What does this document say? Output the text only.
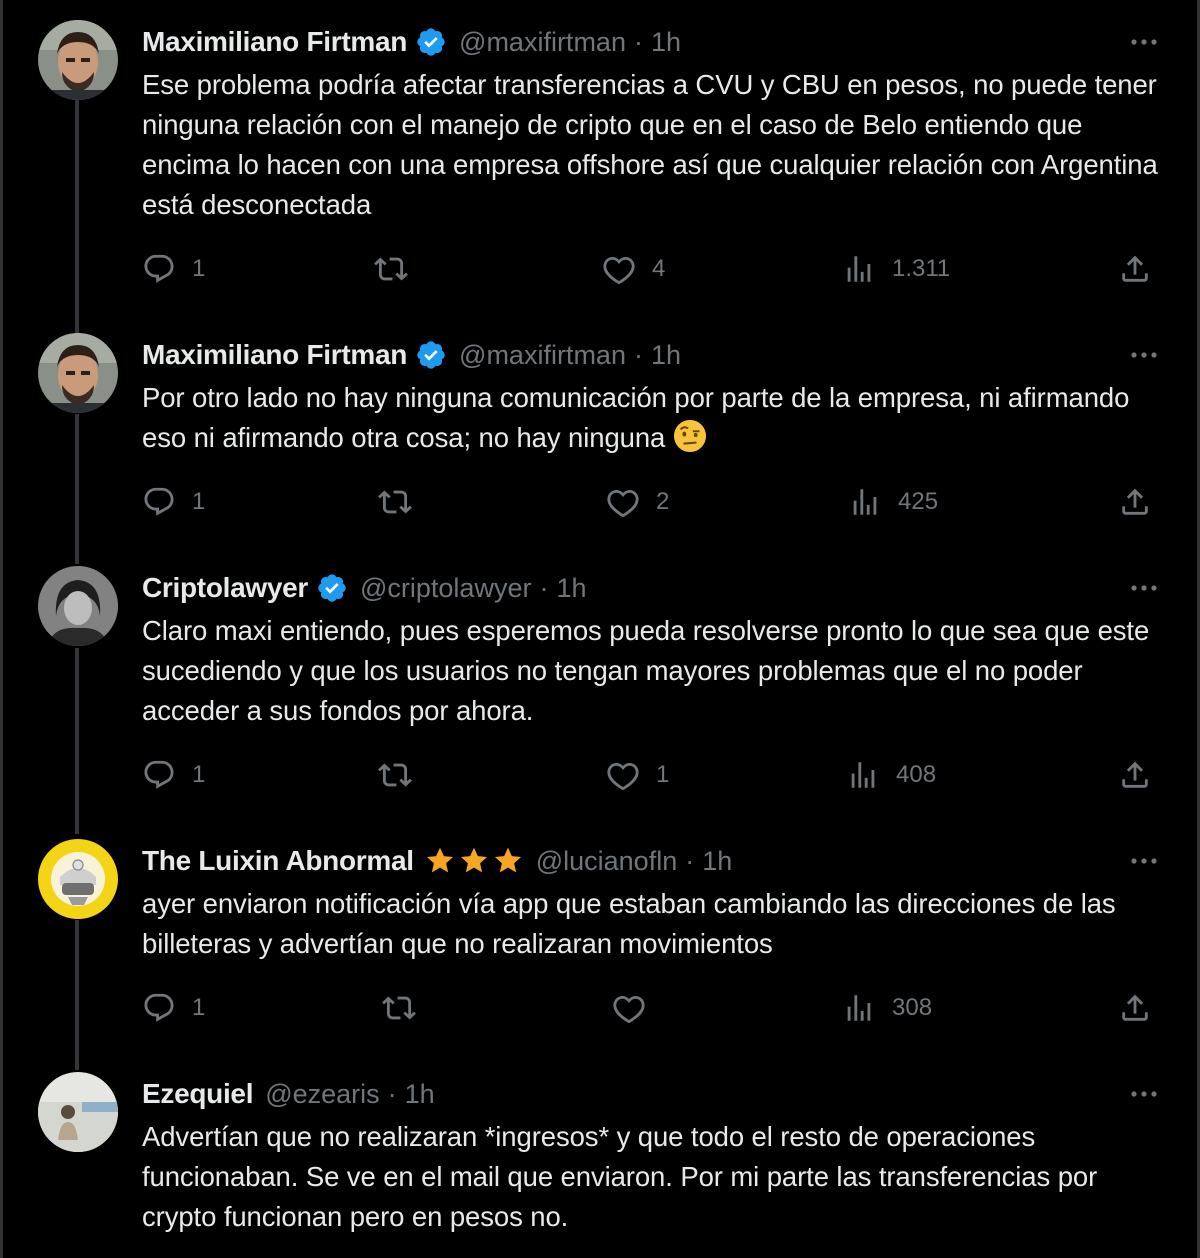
Maximiliano Firtman @maxifirtman · 1h
Ese problema podría afectar transferencias a CVU y CBU en pesos, no puede tener ninguna relación con el manejo de cripto que en el caso de Belo entiendo que encima lo hacen con una empresa offshore así que cualquier relación con Argentina está desconectada
1	4	1.311
Maximiliano Firtman @maxifirtman · 1h
Por otro lado no hay ninguna comunicación por parte de la empresa, ni afirmando eso ni afirmando otra cosa; no hay ninguna
1	2	425
Criptolawyer @criptolawyer · 1h
Claro maxi entiendo, pues esperemos pueda resolverse pronto lo que sea que este sucediendo y que los usuarios no tengan mayores problemas que el no poder acceder a sus fondos por ahora.
1	1	408
The Luixin Abnormal	@lucianofln · 1h
ayer enviaron notificación vía app que estaban cambiando las direcciones de las billeteras y advertían que no realizaran movimientos
1	308
Ezequiel @ezearis · 1h
Advertían que no realizaran *ingresos* y que todo el resto de operaciones funcionaban. Se ve en el mail que enviaron. Por mi parte las transferencias por crypto funcionan pero en pesos no.
